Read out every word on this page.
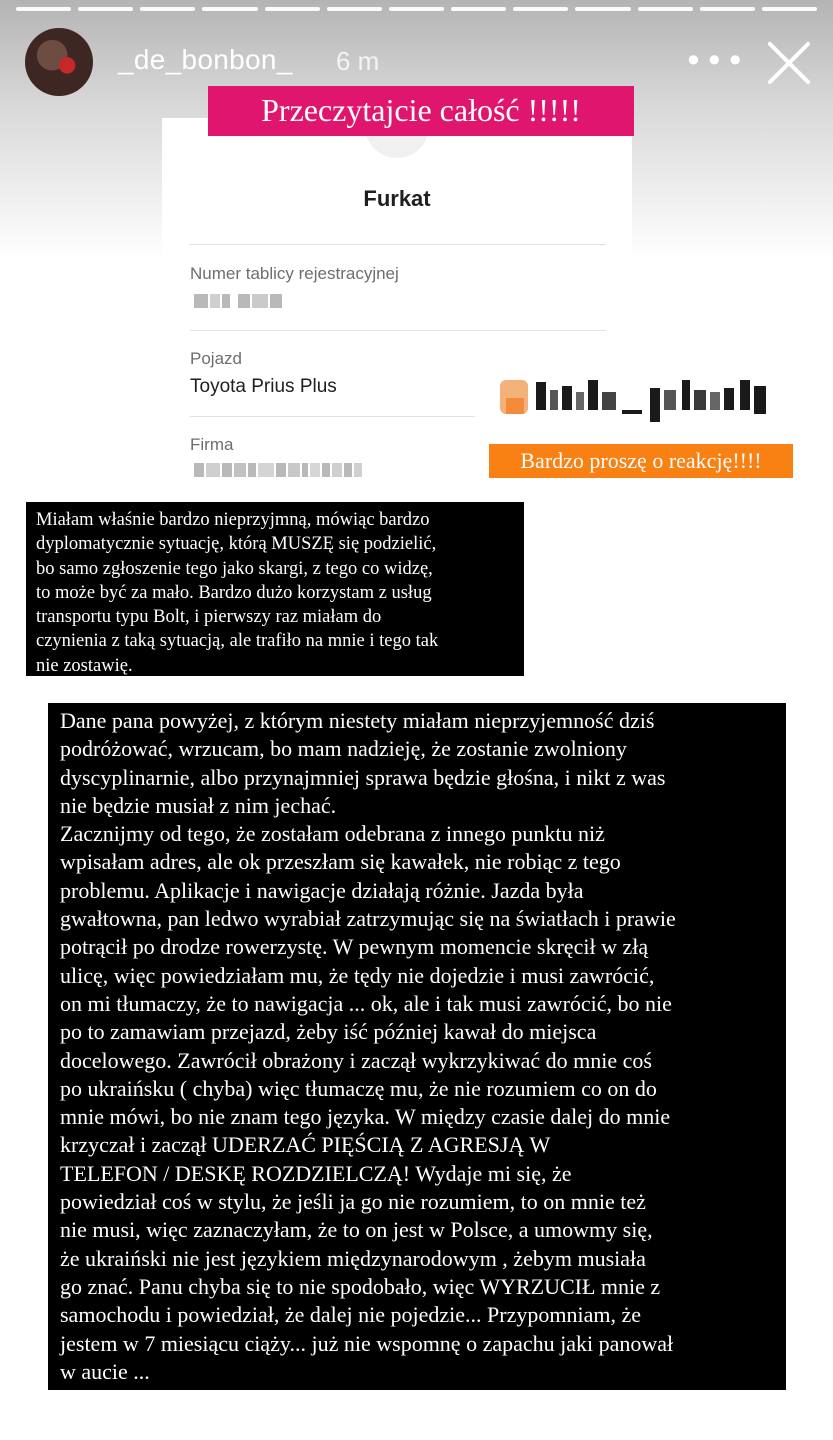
_de_bonbon_ 6 m	•••
Furkat
Numer tablicy rejestracyjnej
Pojazd
Toyota Prius Plus
Firma
Przeczytajcie całość !!!!!
Bardzo proszę o reakcję!!!!

Miałam właśnie bardzo nieprzyjmną, mówiąc bardzo
dyplomatycznie sytuację, którą MUSZĘ się podzielić,
bo samo zgłoszenie tego jako skargi, z tego co widzę,
to może być za mało. Bardzo dużo korzystam z usług
transportu typu Bolt, i pierwszy raz miałam do
czynienia z taką sytuacją, ale trafiło na mnie i tego tak
nie zostawię.

Dane pana powyżej, z którym niestety miałam nieprzyjemność dziś
podróżować, wrzucam, bo mam nadzieję, że zostanie zwolniony
dyscyplinarnie, albo przynajmniej sprawa będzie głośna, i nikt z was
nie będzie musiał z nim jechać.
Zacznijmy od tego, że zostałam odebrana z innego punktu niż
wpisałam adres, ale ok przeszłam się kawałek, nie robiąc z tego
problemu. Aplikacje i nawigacje działają różnie. Jazda była
gwałtowna, pan ledwo wyrabiał zatrzymując się na światłach i prawie
potrącił po drodze rowerzystę. W pewnym momencie skręcił w złą
ulicę, więc powiedziałam mu, że tędy nie dojedzie i musi zawrócić,
on mi tłumaczy, że to nawigacja ... ok, ale i tak musi zawrócić, bo nie
po to zamawiam przejazd, żeby iść później kawał do miejsca
docelowego. Zawrócił obrażony i zaczął wykrzykiwać do mnie coś
po ukraińsku ( chyba) więc tłumaczę mu, że nie rozumiem co on do
mnie mówi, bo nie znam tego języka. W między czasie dalej do mnie
krzyczał i zaczął UDERZAĆ PIĘŚCIĄ Z AGRESJĄ W
TELEFON / DESKĘ ROZDZIELCZĄ! Wydaje mi się, że
powiedział coś w stylu, że jeśli ja go nie rozumiem, to on mnie też
nie musi, więc zaznaczyłam, że to on jest w Polsce, a umowmy się,
że ukraiński nie jest językiem międzynarodowym , żebym musiała
go znać. Panu chyba się to nie spodobało, więc WYRZUCIŁ mnie z
samochodu i powiedział, że dalej nie pojedzie... Przypomniam, że
jestem w 7 miesiącu ciąży... już nie wspomnę o zapachu jaki panował
w aucie ...
